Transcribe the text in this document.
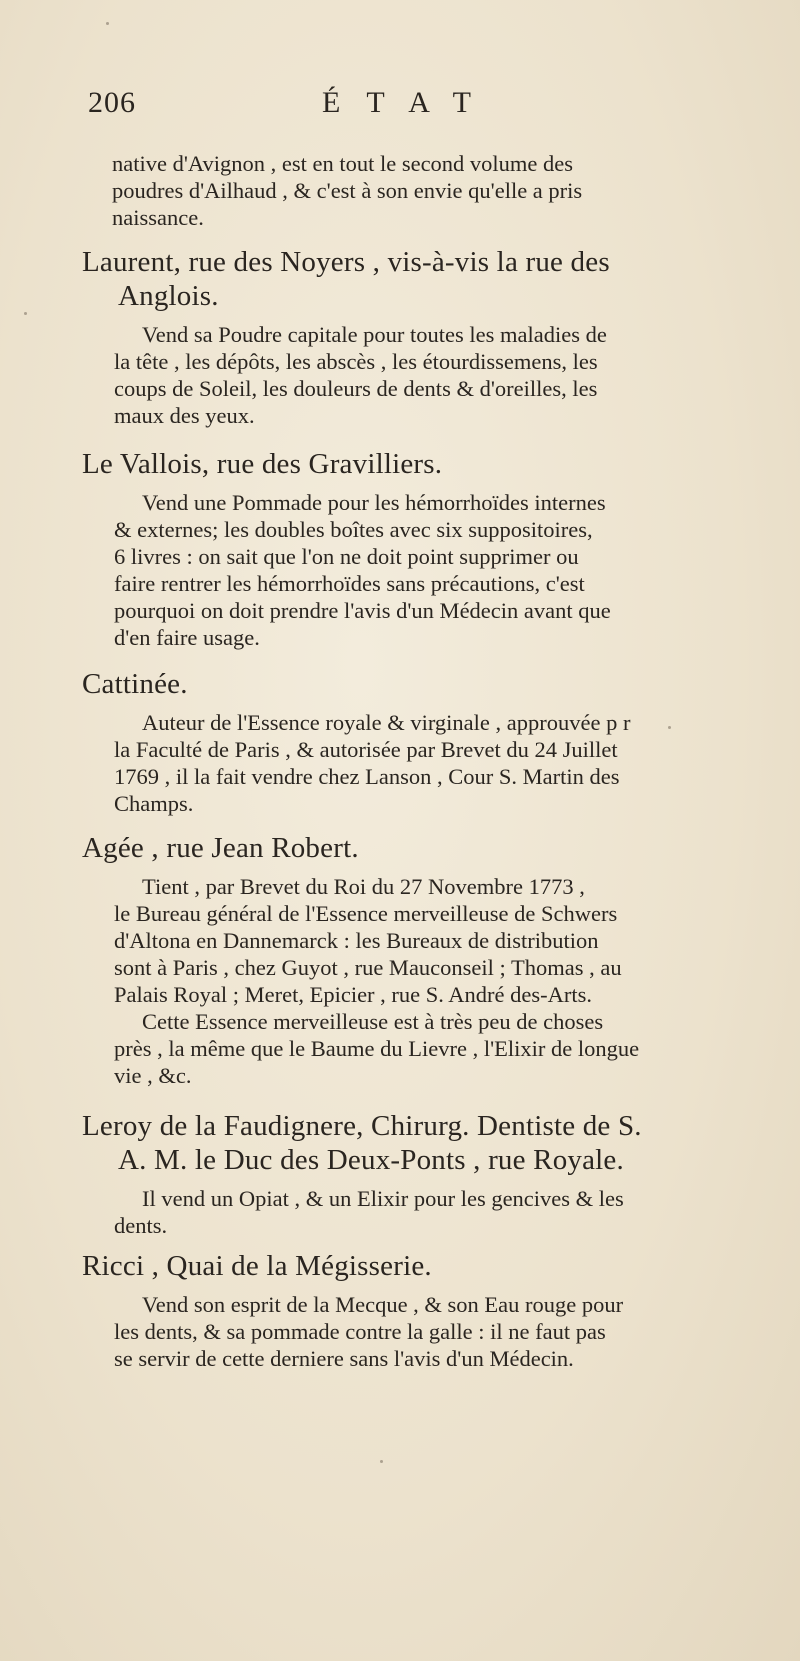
206	ÉTAT
native d'Avignon , est en tout le second volume des
poudres d'Ailhaud , & c'est à son envie qu'elle a pris
naissance.
Laurent, rue des Noyers , vis-à-vis la rue des
Anglois.
Vend sa Poudre capitale pour toutes les maladies de
la tête , les dépôts, les abscès , les étourdissemens, les
coups de Soleil, les douleurs de dents & d'oreilles, les
maux des yeux.
Le Vallois, rue des Gravilliers.
Vend une Pommade pour les hémorrhoïdes internes
& externes; les doubles boîtes avec six suppositoires,
6 livres : on sait que l'on ne doit point supprimer ou
faire rentrer les hémorrhoïdes sans précautions, c'est
pourquoi on doit prendre l'avis d'un Médecin avant que
d'en faire usage.
Cattinée.
Auteur de l'Essence royale & virginale , approuvée p r
la Faculté de Paris , & autorisée par Brevet du 24 Juillet
1769 , il la fait vendre chez Lanson , Cour S. Martin des
Champs.
Agée , rue Jean Robert.
Tient , par Brevet du Roi du 27 Novembre 1773 ,
le Bureau général de l'Essence merveilleuse de Schwers
d'Altona en Dannemarck : les Bureaux de distribution
sont à Paris , chez Guyot , rue Mauconseil ; Thomas , au
Palais Royal ; Meret, Epicier , rue S. André des-Arts.
Cette Essence merveilleuse est à très peu de choses
près , la même que le Baume du Lievre , l'Elixir de longue
vie , &c.
Leroy de la Faudignere, Chirurg. Dentiste de S.
A. M. le Duc des Deux-Ponts , rue Royale.
Il vend un Opiat , & un Elixir pour les gencives & les
dents.
Ricci , Quai de la Mégisserie.
Vend son esprit de la Mecque , & son Eau rouge pour
les dents, & sa pommade contre la galle : il ne faut pas
se servir de cette derniere sans l'avis d'un Médecin.
